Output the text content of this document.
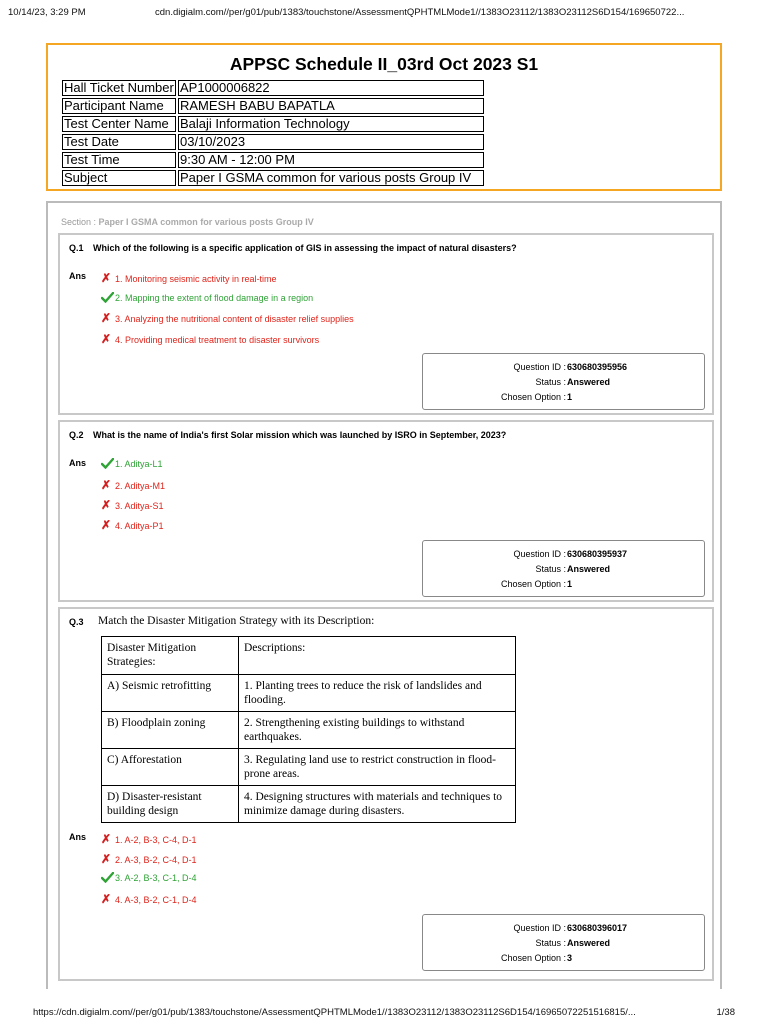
10/14/23, 3:29 PM	cdn.digialm.com//per/g01/pub/1383/touchstone/AssessmentQPHTMLMode1//1383O23112/1383O23112S6D154/169650722...
APPSC Schedule II_03rd Oct 2023 S1
Hall Ticket Number	AP1000006822
Participant Name	RAMESH BABU BAPATLA
Test Center Name	Balaji Information Technology
Test Date	03/10/2023
Test Time	9:30 AM - 12:00 PM
Subject	Paper I GSMA common for various posts Group IV
Section : Paper I GSMA common for various posts Group IV
Q.1 Which of the following is a specific application of GIS in assessing the impact of natural disasters?
Ans ✗ 1. Monitoring seismic activity in real-time
2. Mapping the extent of flood damage in a region
✗ 3. Analyzing the nutritional content of disaster relief supplies
✗ 4. Providing medical treatment to disaster survivors
Question ID : 630680395956
Status : Answered
Chosen Option : 1
Q.2 What is the name of India's first Solar mission which was launched by ISRO in September, 2023?
Ans	1. Aditya-L1
✗ 2. Aditya-M1
✗ 3. Aditya-S1
✗ 4. Aditya-P1
Question ID : 630680395937
Status : Answered
Chosen Option : 1
Q.3 Match the Disaster Mitigation Strategy with its Description:
Disaster Mitigation Strategies:	Descriptions:
A) Seismic retrofitting	1. Planting trees to reduce the risk of landslides and flooding.
B) Floodplain zoning	2. Strengthening existing buildings to withstand earthquakes.
C) Afforestation	3. Regulating land use to restrict construction in flood-prone areas.
D) Disaster-resistant building design	4. Designing structures with materials and techniques to minimize damage during disasters.
Ans ✗ 1. A-2, B-3, C-4, D-1
✗ 2. A-3, B-2, C-4, D-1
3. A-2, B-3, C-1, D-4
✗ 4. A-3, B-2, C-1, D-4
Question ID : 630680396017
Status : Answered
Chosen Option : 3
https://cdn.digialm.com//per/g01/pub/1383/touchstone/AssessmentQPHTMLMode1//1383O23112/1383O23112S6D154/16965072251516815/...	1/38
